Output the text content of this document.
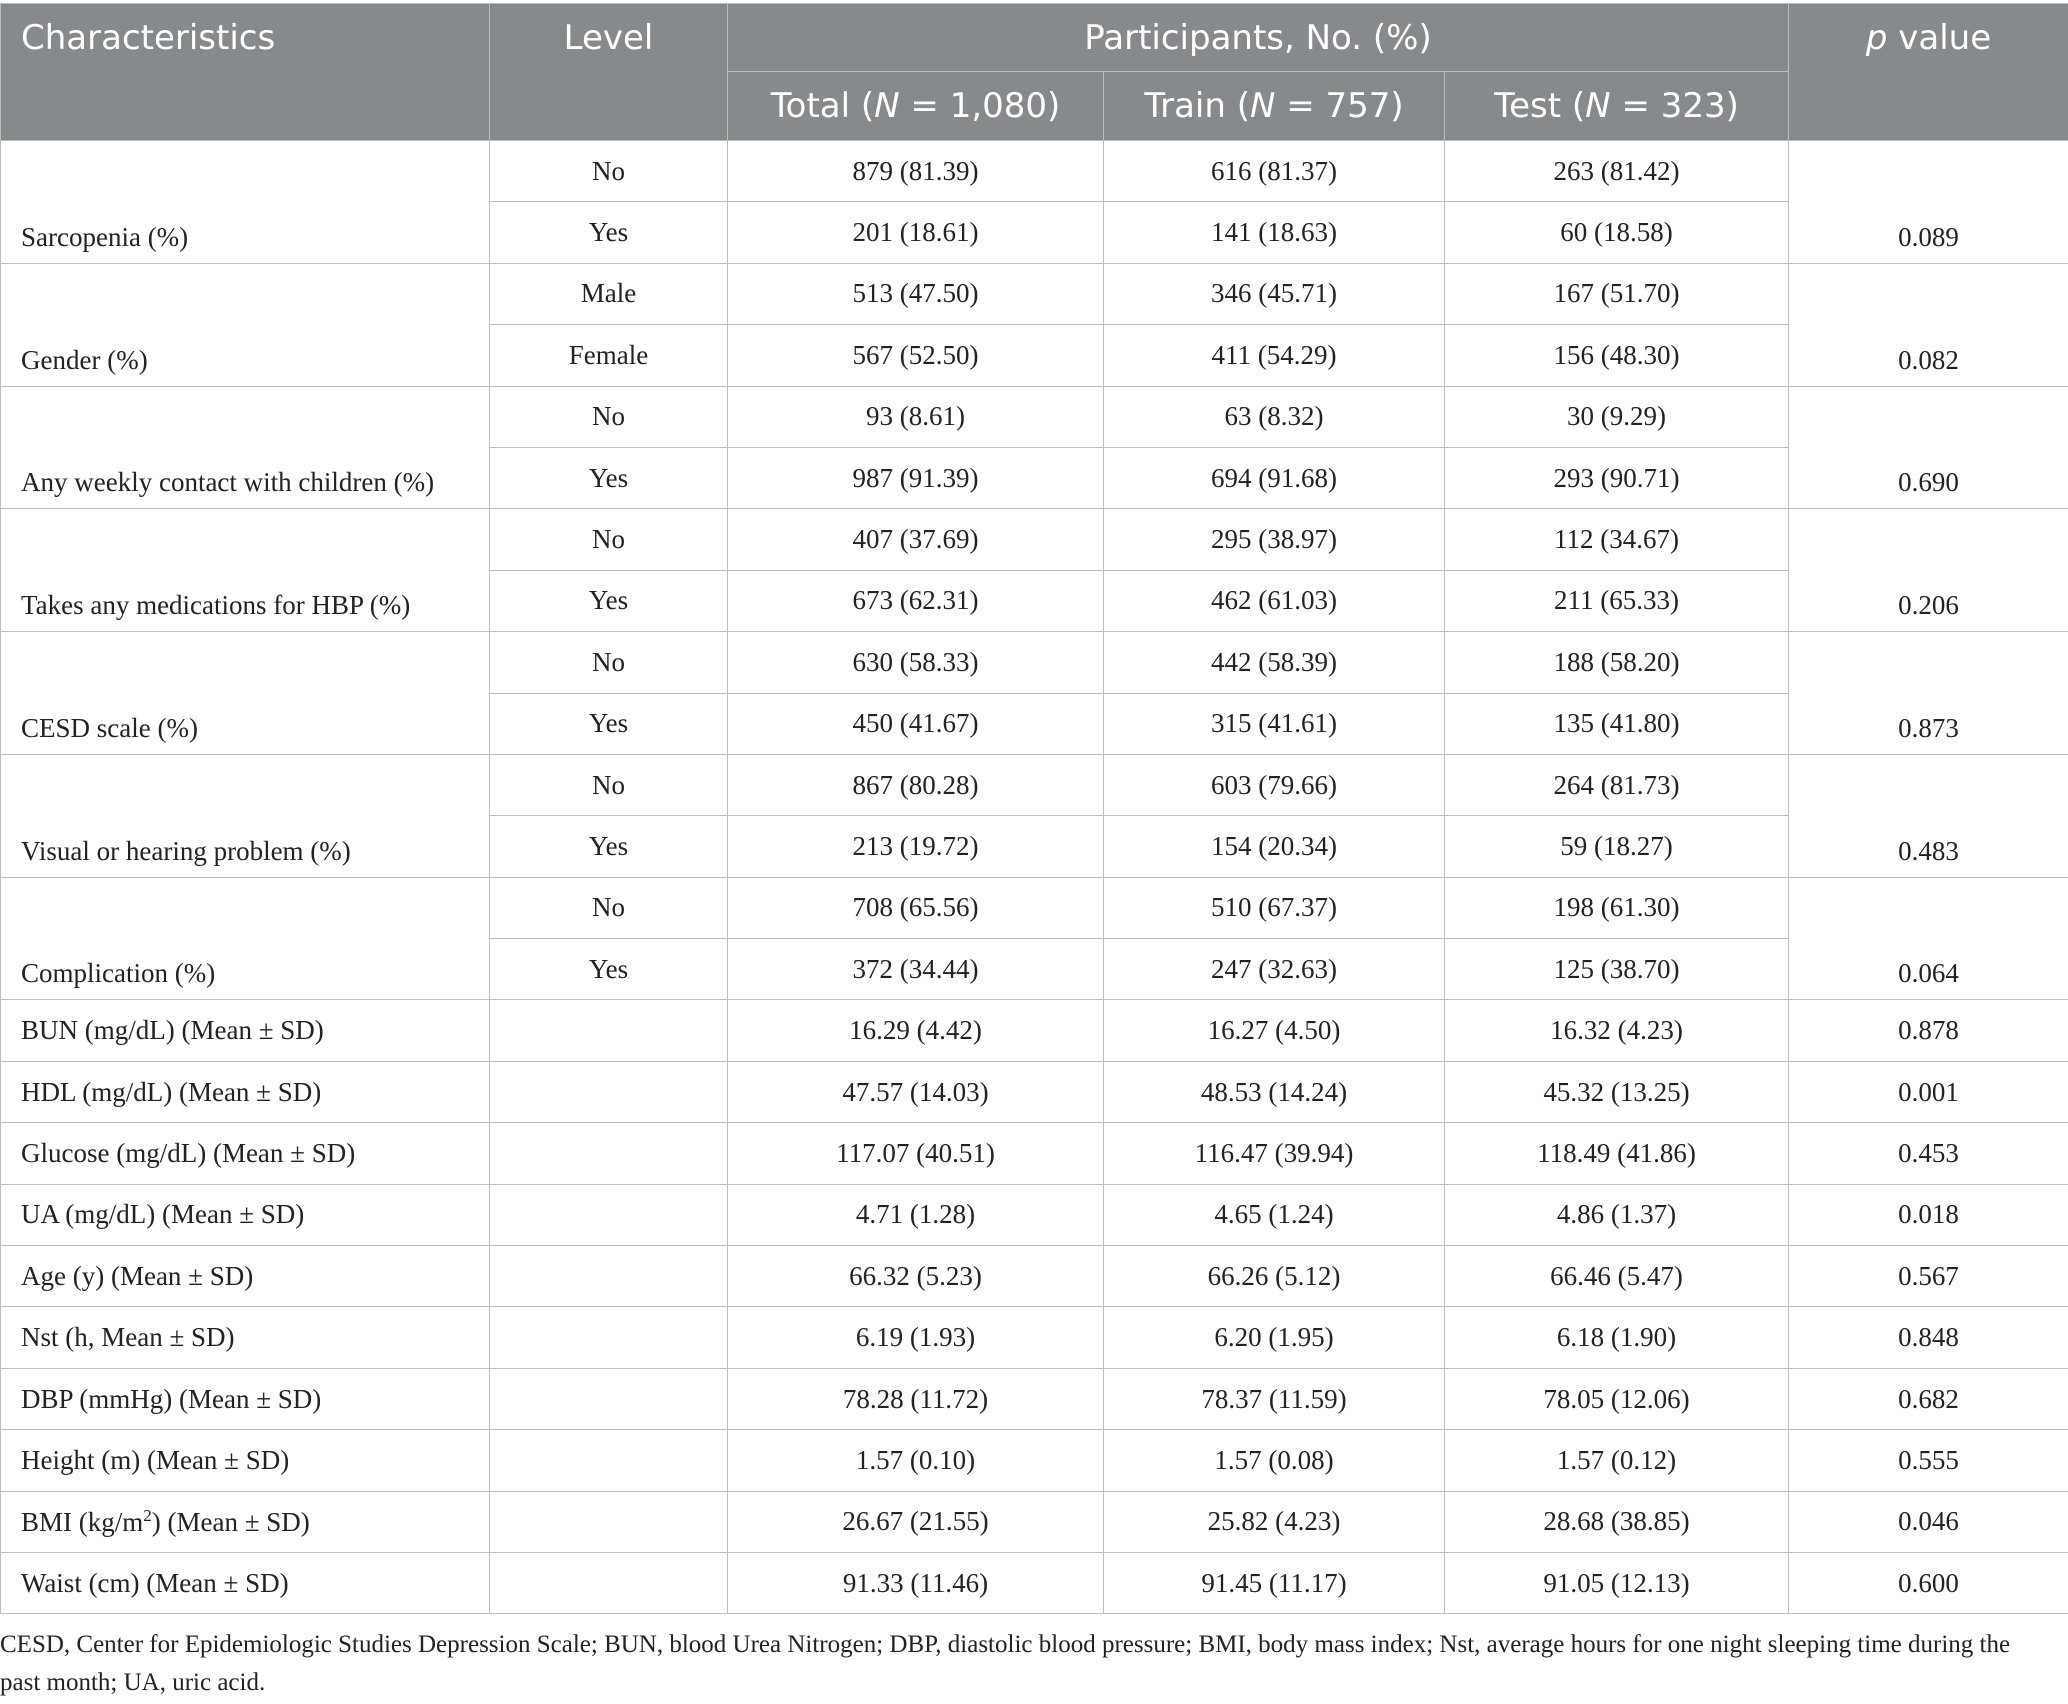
Characteristics	Level	Participants, No. (%)			p value
		Total (N = 1,080)	Train (N = 757)	Test (N = 323)	
Sarcopenia (%)	No	879 (81.39)	616 (81.37)	263 (81.42)	0.089
	Yes	201 (18.61)	141 (18.63)	60 (18.58)	
Gender (%)	Male	513 (47.50)	346 (45.71)	167 (51.70)	0.082
	Female	567 (52.50)	411 (54.29)	156 (48.30)	
Any weekly contact with children (%)	No	93 (8.61)	63 (8.32)	30 (9.29)	0.690
	Yes	987 (91.39)	694 (91.68)	293 (90.71)	
Takes any medications for HBP (%)	No	407 (37.69)	295 (38.97)	112 (34.67)	0.206
	Yes	673 (62.31)	462 (61.03)	211 (65.33)	
CESD scale (%)	No	630 (58.33)	442 (58.39)	188 (58.20)	0.873
	Yes	450 (41.67)	315 (41.61)	135 (41.80)	
Visual or hearing problem (%)	No	867 (80.28)	603 (79.66)	264 (81.73)	0.483
	Yes	213 (19.72)	154 (20.34)	59 (18.27)	
Complication (%)	No	708 (65.56)	510 (67.37)	198 (61.30)	0.064
	Yes	372 (34.44)	247 (32.63)	125 (38.70)	
BUN (mg/dL) (Mean ± SD)		16.29 (4.42)	16.27 (4.50)	16.32 (4.23)	0.878
HDL (mg/dL) (Mean ± SD)		47.57 (14.03)	48.53 (14.24)	45.32 (13.25)	0.001
Glucose (mg/dL) (Mean ± SD)		117.07 (40.51)	116.47 (39.94)	118.49 (41.86)	0.453
UA (mg/dL) (Mean ± SD)		4.71 (1.28)	4.65 (1.24)	4.86 (1.37)	0.018
Age (y) (Mean ± SD)		66.32 (5.23)	66.26 (5.12)	66.46 (5.47)	0.567
Nst (h, Mean ± SD)		6.19 (1.93)	6.20 (1.95)	6.18 (1.90)	0.848
DBP (mmHg) (Mean ± SD)		78.28 (11.72)	78.37 (11.59)	78.05 (12.06)	0.682
Height (m) (Mean ± SD)		1.57 (0.10)	1.57 (0.08)	1.57 (0.12)	0.555
BMI $(kg/m^2)$ (Mean ± SD)		26.67 (21.55)	25.82 (4.23)	28.68 (38.85)	0.046
Waist (cm) (Mean ± SD)		91.33 (11.46)	91.45 (11.17)	91.05 (12.13)	0.600
CESD, Center for Epidemiologic Studies Depression Scale; BUN, blood Urea Nitrogen; DBP, diastolic blood pressure; BMI, body mass index; Nst, average hours for one night sleeping time during the past month; UA, uric acid.
